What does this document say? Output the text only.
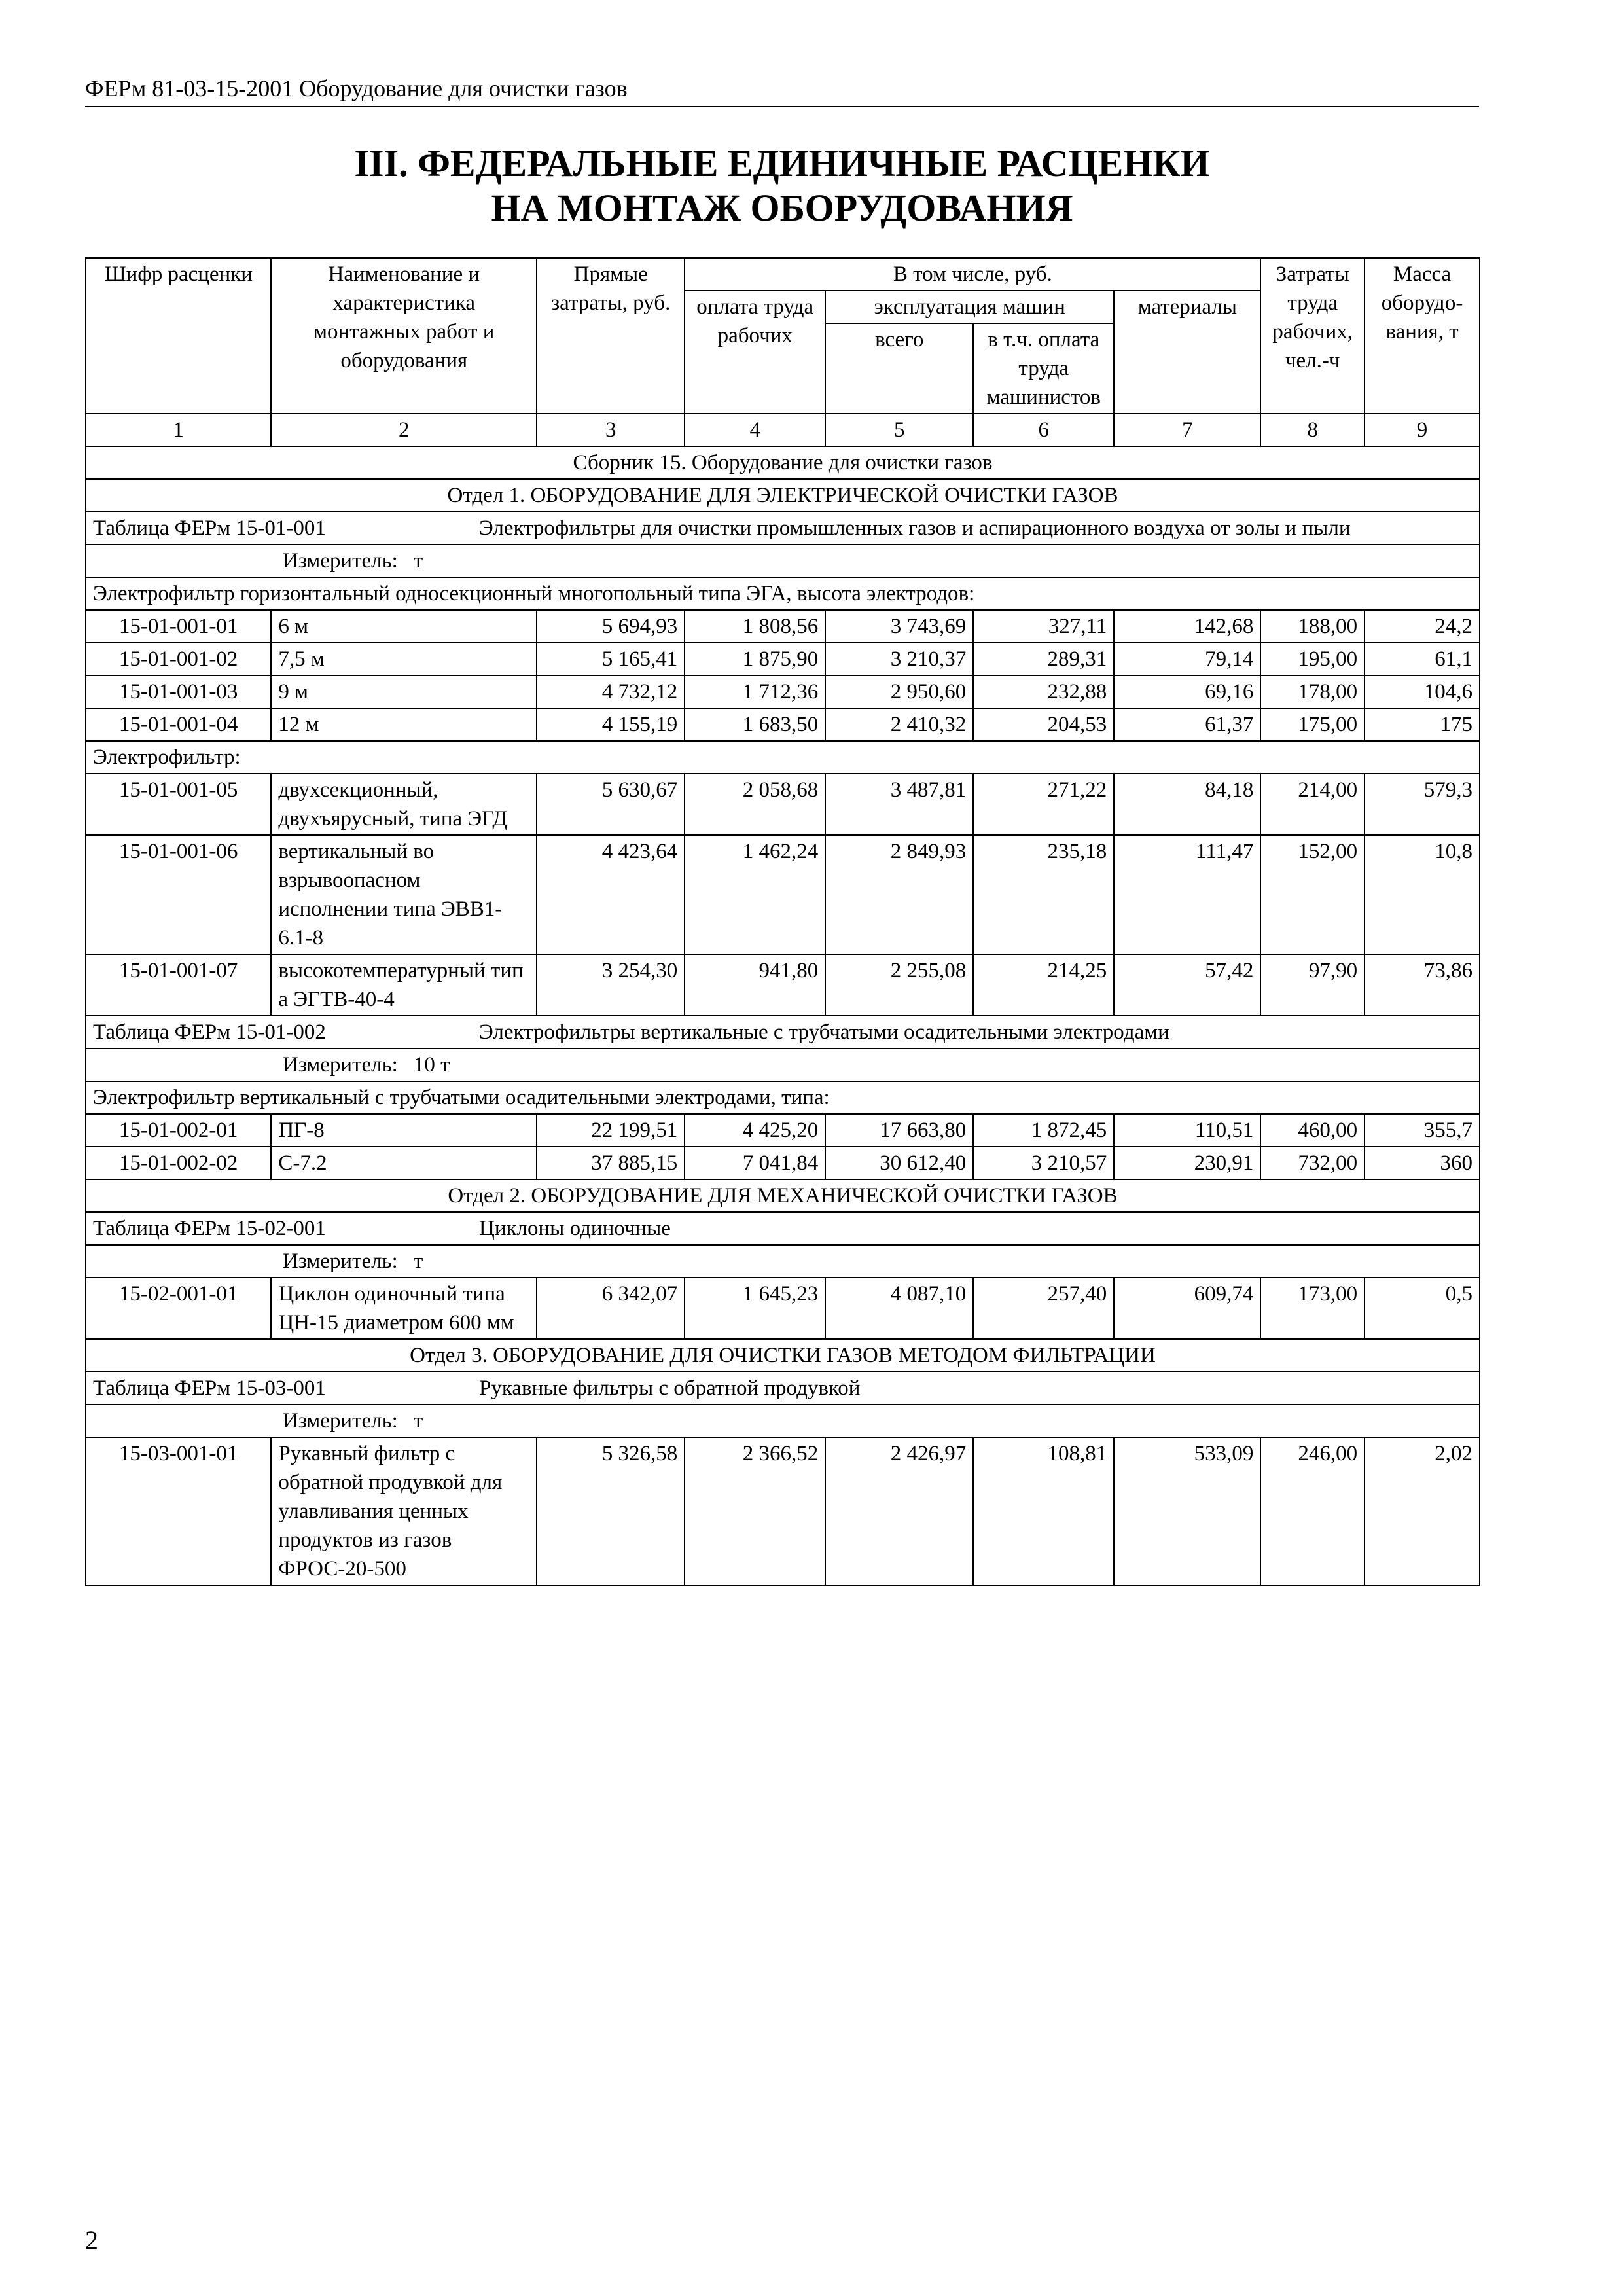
ФЕРм 81-03-15-2001 Оборудование для очистки газов
III. ФЕДЕРАЛЬНЫЕ ЕДИНИЧНЫЕ РАСЦЕНКИ
НА МОНТАЖ ОБОРУДОВАНИЯ
Шифр расценки	Наименование и характеристика монтажных работ и оборудования	Прямые затраты, руб.	В том числе, руб.				Затраты труда рабочих, чел.-ч	Масса оборудо-вания, т
			оплата труда рабочих	эксплуатация машин		материалы		
				всего	в т.ч. оплата труда машинистов			
1	2	3	4	5	6	7	8	9
Сборник 15. Оборудование для очистки газов								
Отдел 1. ОБОРУДОВАНИЕ ДЛЯ ЭЛЕКТРИЧЕСКОЙ ОЧИСТКИ ГАЗОВ								
Таблица ФЕРм 15-01-001 Электрофильтры для очистки промышленных газов и аспирационного воздуха от золы и пыли								
Измеритель: т								
Электрофильтр горизонтальный односекционный многопольный типа ЭГА, высота электродов:								
15-01-001-01	6 м	5 694,93	1 808,56	3 743,69	327,11	142,68	188,00	24,2
15-01-001-02	7,5 м	5 165,41	1 875,90	3 210,37	289,31	79,14	195,00	61,1
15-01-001-03	9 м	4 732,12	1 712,36	2 950,60	232,88	69,16	178,00	104,6
15-01-001-04	12 м	4 155,19	1 683,50	2 410,32	204,53	61,37	175,00	175
Электрофильтр:								
15-01-001-05	двухсекционный, двухъярусный, типа ЭГД	5 630,67	2 058,68	3 487,81	271,22	84,18	214,00	579,3
15-01-001-06	вертикальный во взрывоопасном исполнении типа ЭВВ1-6.1-8	4 423,64	1 462,24	2 849,93	235,18	111,47	152,00	10,8
15-01-001-07	высокотемпературный типа ЭГТВ-40-4	3 254,30	941,80	2 255,08	214,25	57,42	97,90	73,86
Таблица ФЕРм 15-01-002 Электрофильтры вертикальные с трубчатыми осадительными электродами								
Измеритель: 10 т								
Электрофильтр вертикальный с трубчатыми осадительными электродами, типа:								
15-01-002-01	ПГ-8	22 199,51	4 425,20	17 663,80	1 872,45	110,51	460,00	355,7
15-01-002-02	С-7.2	37 885,15	7 041,84	30 612,40	3 210,57	230,91	732,00	360
Отдел 2. ОБОРУДОВАНИЕ ДЛЯ МЕХАНИЧЕСКОЙ ОЧИСТКИ ГАЗОВ								
Таблица ФЕРм 15-02-001 Циклоны одиночные								
Измеритель: т								
15-02-001-01	Циклон одиночный типа ЦН-15 диаметром 600 мм	6 342,07	1 645,23	4 087,10	257,40	609,74	173,00	0,5
Отдел 3. ОБОРУДОВАНИЕ ДЛЯ ОЧИСТКИ ГАЗОВ МЕТОДОМ ФИЛЬТРАЦИИ								
Таблица ФЕРм 15-03-001 Рукавные фильтры с обратной продувкой								
Измеритель: т								
15-03-001-01	Рукавный фильтр с обратной продувкой для улавливания ценных продуктов из газов ФРОС-20-500	5 326,58	2 366,52	2 426,97	108,81	533,09	246,00	2,02
2
